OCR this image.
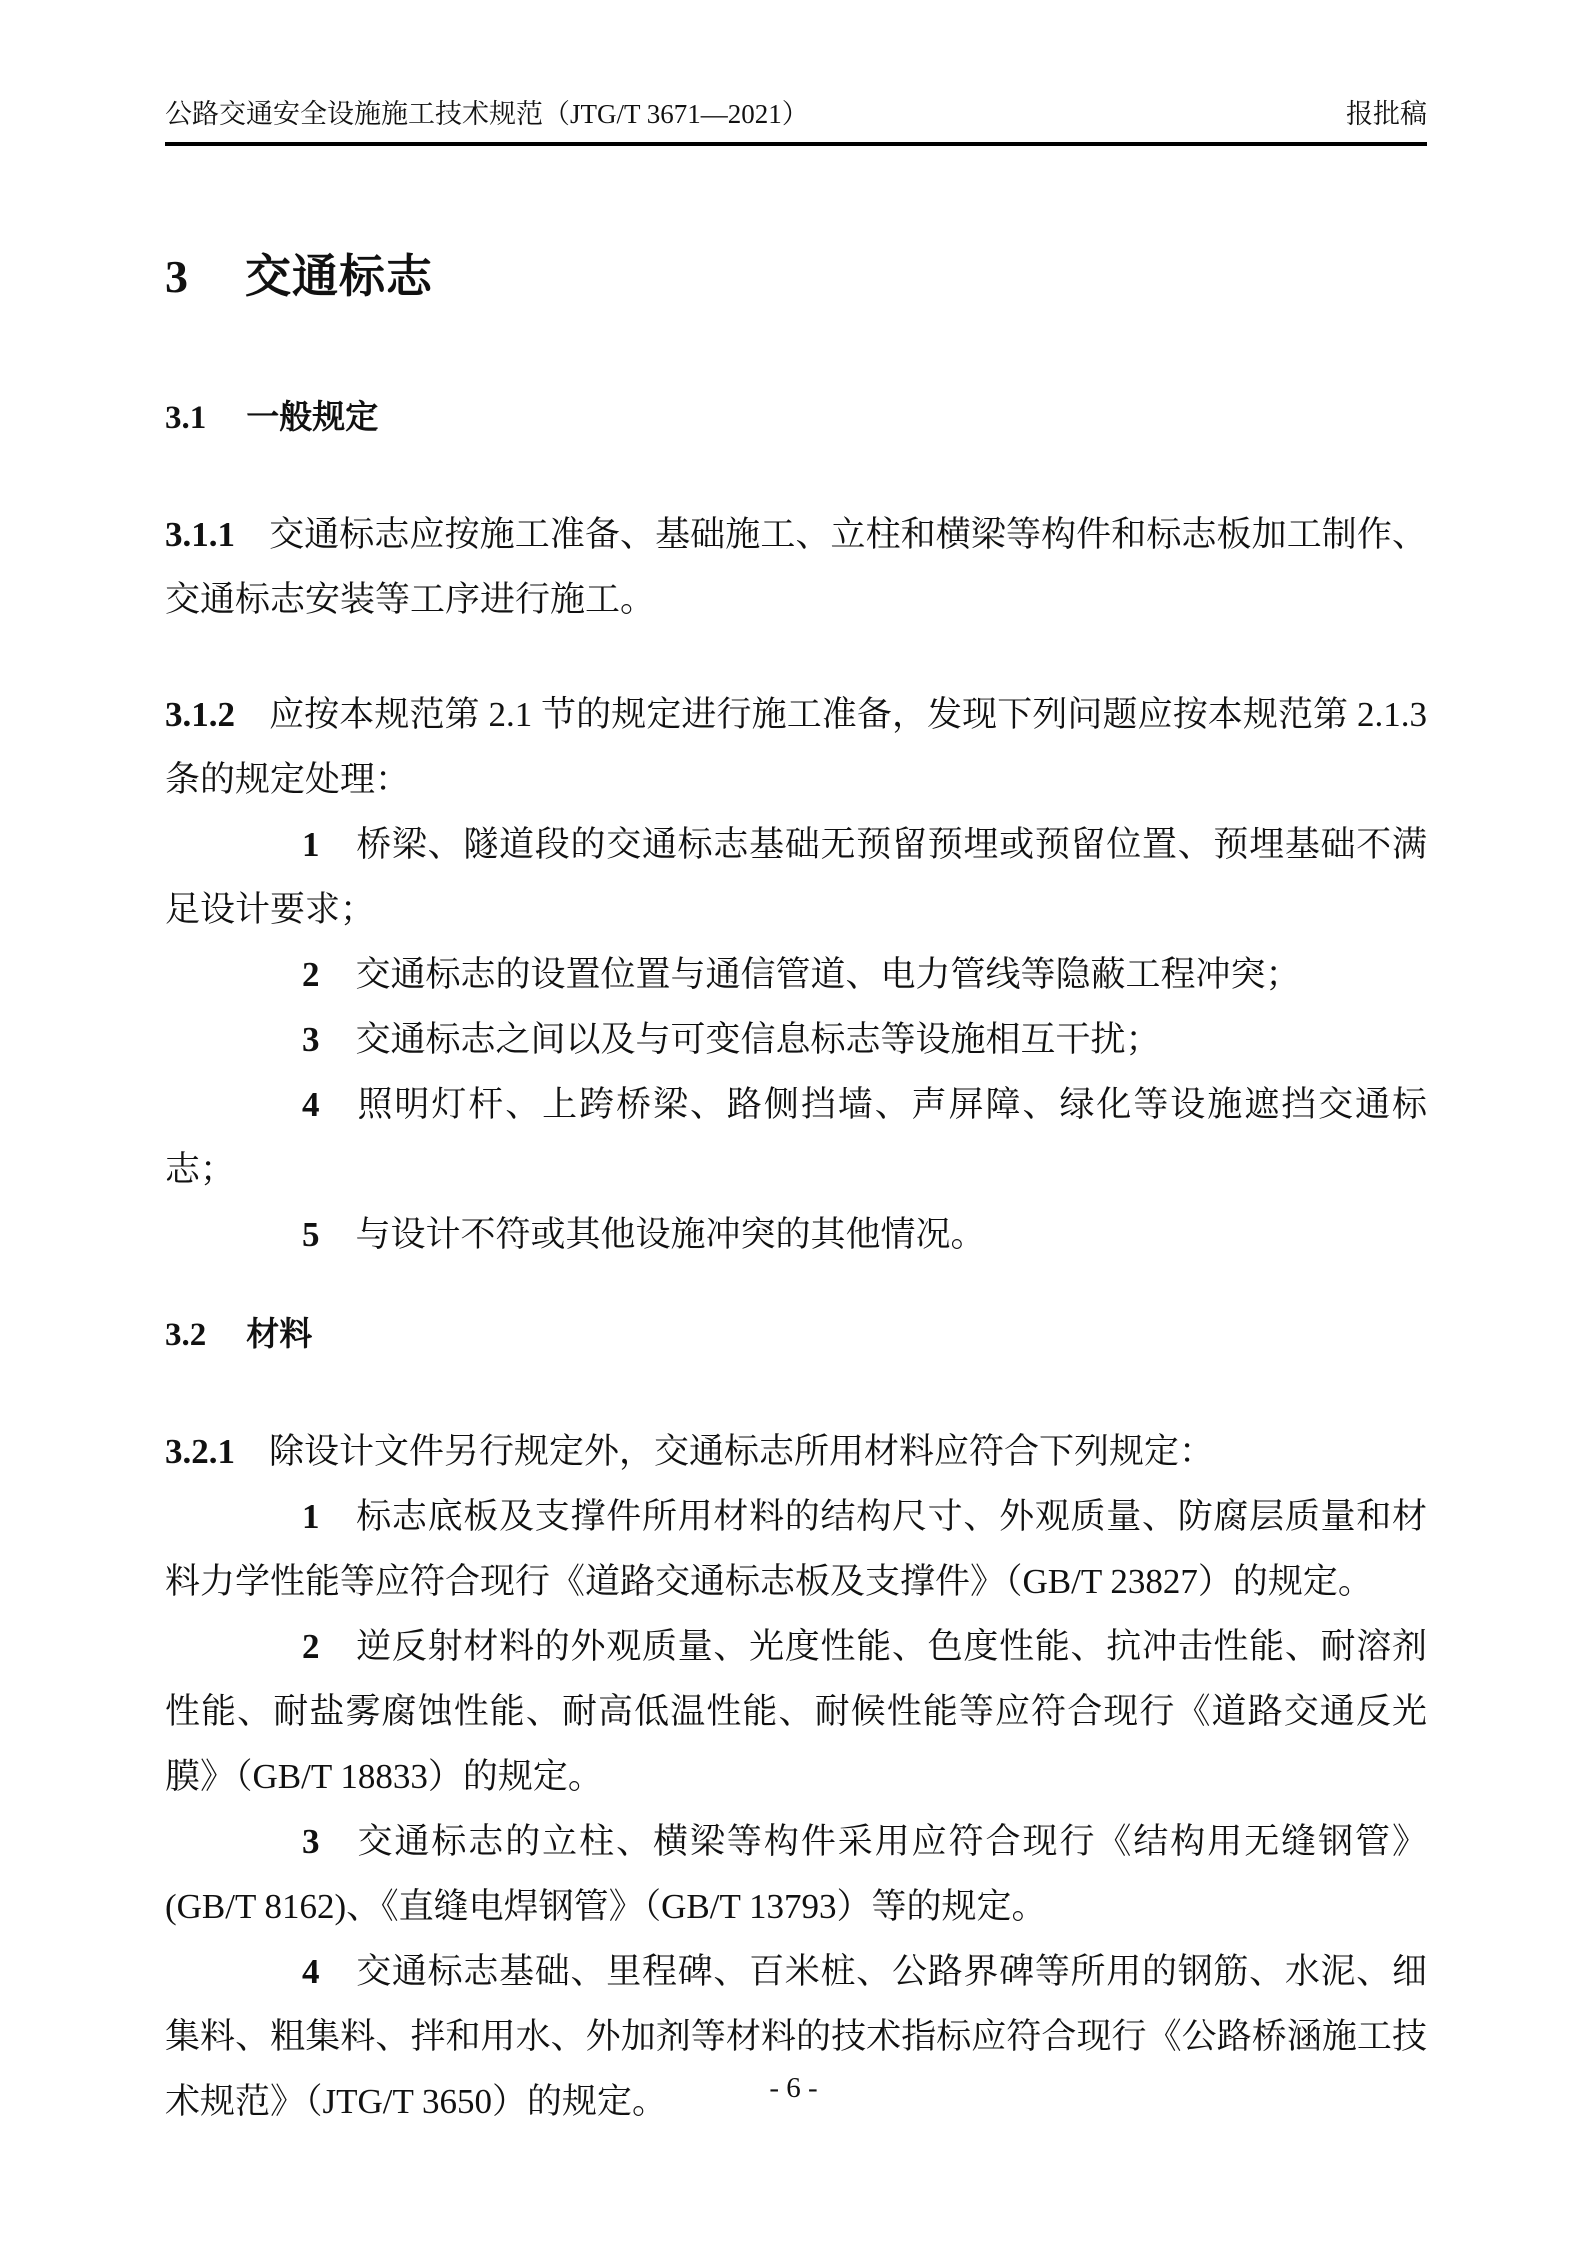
公路交通安全设施施工技术规范（JTG/T 3671—2021）	报批稿
3 交通标志
3.1 一般规定

3.1.1 交通标志应按施工准备、基础施工、立柱和横梁等构件和标志板加工制作、交通标志安装等工序进行施工。

3.1.2 应按本规范第 2.1 节的规定进行施工准备，发现下列问题应按本规范第 2.1.3 条的规定处理：

1 桥梁、隧道段的交通标志基础无预留预埋或预留位置、预埋基础不满足设计要求；

2 交通标志的设置位置与通信管道、电力管线等隐蔽工程冲突；

3 交通标志之间以及与可变信息标志等设施相互干扰；

4 照明灯杆、上跨桥梁、路侧挡墙、声屏障、绿化等设施遮挡交通标志；

5 与设计不符或其他设施冲突的其他情况。

3.2 材料

3.2.1 除设计文件另行规定外，交通标志所用材料应符合下列规定：

1 标志底板及支撑件所用材料的结构尺寸、外观质量、防腐层质量和材料力学性能等应符合现行《道路交通标志板及支撑件》（GB/T 23827）的规定。

2 逆反射材料的外观质量、光度性能、色度性能、抗冲击性能、耐溶剂性能、耐盐雾腐蚀性能、耐高低温性能、耐候性能等应符合现行《道路交通反光膜》（GB/T 18833）的规定。

3 交通标志的立柱、横梁等构件采用应符合现行《结构用无缝钢管》(GB/T 8162)、《直缝电焊钢管》（GB/T 13793）等的规定。

4 交通标志基础、里程碑、百米桩、公路界碑等所用的钢筋、水泥、细集料、粗集料、拌和用水、外加剂等材料的技术指标应符合现行《公路桥涵施工技术规范》（JTG/T 3650）的规定。	- 6 -
